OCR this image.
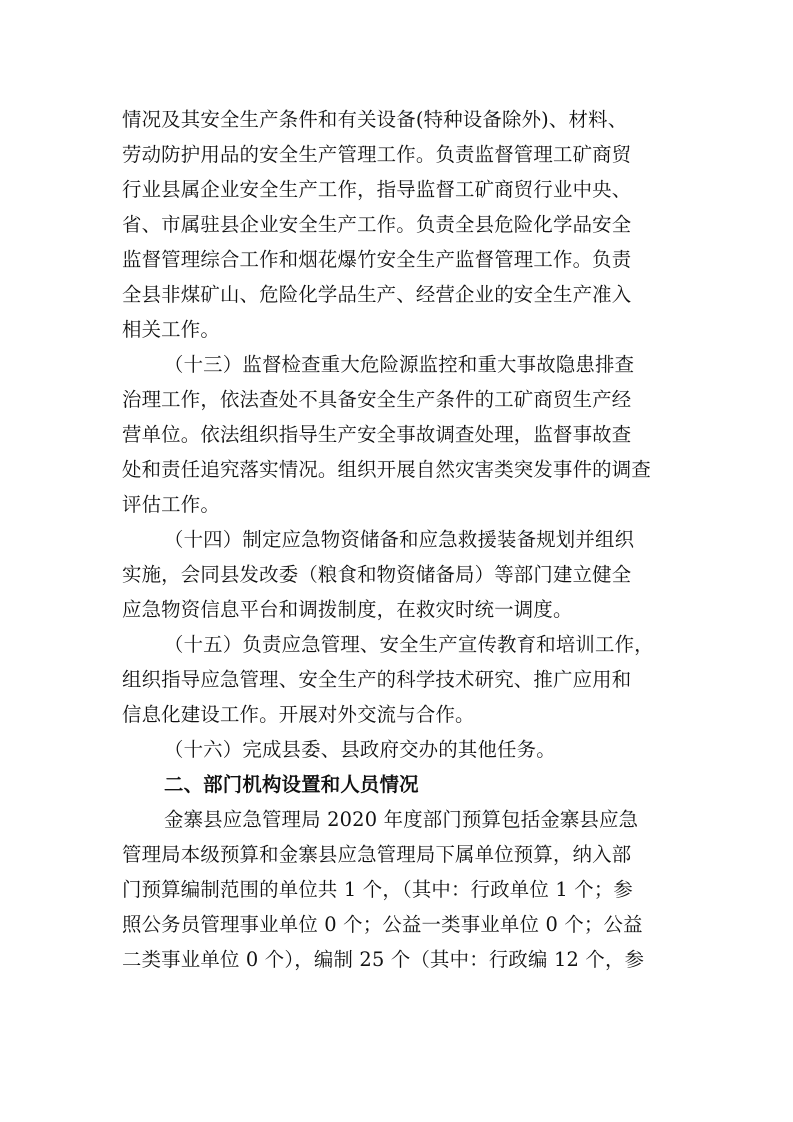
情况及其安全生产条件和有关设备(特种设备除外)、材料、
劳动防护用品的安全生产管理工作。负责监督管理工矿商贸
行业县属企业安全生产工作，指导监督工矿商贸行业中央、
省、市属驻县企业安全生产工作。负责全县危险化学品安全
监督管理综合工作和烟花爆竹安全生产监督管理工作。负责
全县非煤矿山、危险化学品生产、经营企业的安全生产准入
相关工作。
（十三）监督检查重大危险源监控和重大事故隐患排查
治理工作，依法查处不具备安全生产条件的工矿商贸生产经
营单位。依法组织指导生产安全事故调查处理，监督事故查
处和责任追究落实情况。组织开展自然灾害类突发事件的调查
评估工作。
（十四）制定应急物资储备和应急救援装备规划并组织
实施，会同县发改委（粮食和物资储备局）等部门建立健全
应急物资信息平台和调拨制度，在救灾时统一调度。
（十五）负责应急管理、安全生产宣传教育和培训工作，
组织指导应急管理、安全生产的科学技术研究、推广应用和
信息化建设工作。开展对外交流与合作。
（十六）完成县委、县政府交办的其他任务。
二、部门机构设置和人员情况
金寨县应急管理局 2020 年度部门预算包括金寨县应急
管理局本级预算和金寨县应急管理局下属单位预算，纳入部
门预算编制范围的单位共 1 个，（其中：行政单位 1 个；参
照公务员管理事业单位 0 个；公益一类事业单位 0 个；公益
二类事业单位 0 个），编制 25 个（其中：行政编 12 个，参
